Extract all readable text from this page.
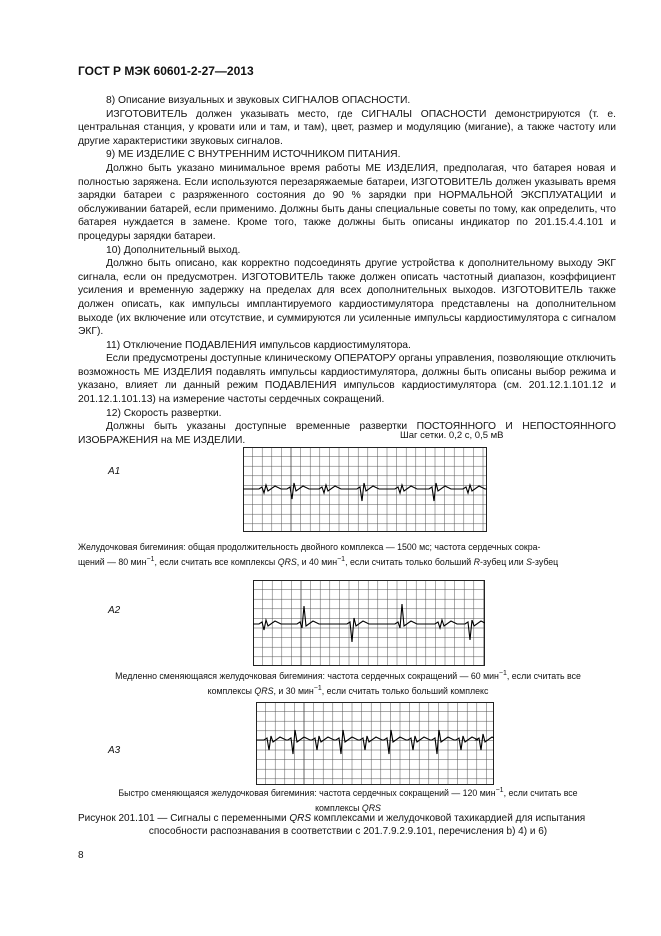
ГОСТ Р МЭК 60601-2-27—2013

8) Описание визуальных и звуковых СИГНАЛОВ ОПАСНОСТИ.

ИЗГОТОВИТЕЛЬ должен указывать место, где СИГНАЛЫ ОПАСНОСТИ демонстрируются (т. е. центральная станция, у кровати или и там, и там), цвет, размер и модуляцию (мигание), а также частоту или другие характеристики звуковых сигналов.

9) МЕ ИЗДЕЛИЕ С ВНУТРЕННИМ ИСТОЧНИКОМ ПИТАНИЯ.

Должно быть указано минимальное время работы МЕ ИЗДЕЛИЯ, предполагая, что батарея новая и полностью заряжена. Если используются перезаряжаемые батареи, ИЗГОТОВИТЕЛЬ должен указывать время зарядки батареи с разряженного состояния до 90 % зарядки при НОРМАЛЬНОЙ ЭКСПЛУАТАЦИИ и обслуживании батарей, если применимо. Должны быть даны специальные советы по тому, как определить, что батарея нуждается в замене. Кроме того, также должны быть описаны индикатор по 201.15.4.4.101 и процедуры зарядки батареи.

10) Дополнительный выход.

Должно быть описано, как корректно подсоединять другие устройства к дополнительному выходу ЭКГ сигнала, если он предусмотрен. ИЗГОТОВИТЕЛЬ также должен описать частотный диапазон, коэффициент усиления и временную задержку на пределах для всех дополнительных выходов. ИЗГОТОВИТЕЛЬ также должен описать, как импульсы имплантируемого кардиостимулятора представлены на дополнительном выходе (их включение или отсутствие, и суммируются ли усиленные импульсы кардиостимулятора с сигналом ЭКГ).

11) Отключение ПОДАВЛЕНИЯ импульсов кардиостимулятора.

Если предусмотрены доступные клиническому ОПЕРАТОРУ органы управления, позволяющие отключить возможность МЕ ИЗДЕЛИЯ подавлять импульсы кардиостимулятора, должны быть описаны выбор режима и указано, влияет ли данный режим ПОДАВЛЕНИЯ импульсов кардиостимулятора (см. 201.12.1.101.12 и 201.12.1.101.13) на измерение частоты сердечных сокращений.

12) Скорость развертки.

Должны быть указаны доступные временные развертки ПОСТОЯННОГО И НЕПОСТОЯННОГО ИЗОБРАЖЕНИЯ на МЕ ИЗДЕЛИИ.	Шаг сетки. 0,2 с, 0,5 мВ
А1
Желудочковая бигеминия: общая продолжительность двойного комплекса — 1500 мс; частота сердечных сокра-
щений — 80 мин$^{-1}$, если считать все комплексы QRS, и 40 мин$^{-1}$, если считать только больший R-зубец или S-зубец
А2
Медленно сменяющаяся желудочковая бигеминия: частота сердечных сокращений — 60 мин$^{-1}$, если считать все
комплексы QRS, и 30 мин$^{-1}$, если считать только больший комплекс
А3
Быстро сменяющаяся желудочковая бигеминия: частота сердечных сокращений — 120 мин$^{-1}$, если считать все
комплексы QRS
Рисунок 201.101 — Сигналы с переменными QRS комплексами и желудочковой тахикардией для испытания
способности распознавания в соответствии с 201.7.9.2.9.101, перечисления b) 4) и 6)
8
